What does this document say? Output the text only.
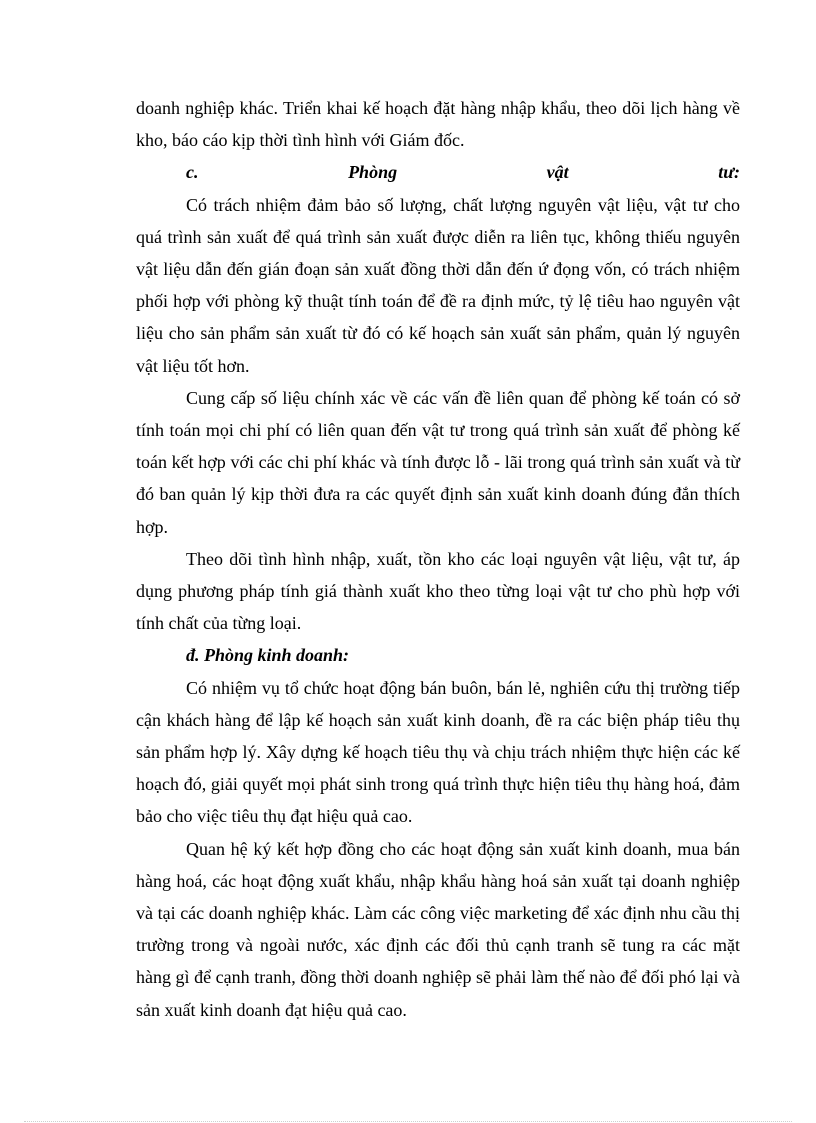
doanh nghiệp khác. Triển khai kế hoạch đặt hàng nhập khẩu, theo dõi lịch hàng về kho, báo cáo kịp thời tình hình với Giám đốc.

c.	Phòng	vật	tư:

Có trách nhiệm đảm bảo số lượng, chất lượng nguyên vật liệu, vật tư cho quá trình sản xuất để quá trình sản xuất được diễn ra liên tục, không thiếu nguyên vật liệu dẫn đến gián đoạn sản xuất đồng thời dẫn đến ứ đọng vốn, có trách nhiệm phối hợp với phòng kỹ thuật tính toán để đề ra định mức, tỷ lệ tiêu hao nguyên vật liệu cho sản phẩm sản xuất từ đó có kế hoạch sản xuất sản phẩm, quản lý nguyên vật liệu tốt hơn.

Cung cấp số liệu chính xác về các vấn đề liên quan để phòng kế toán có sở tính toán mọi chi phí có liên quan đến vật tư trong quá trình sản xuất để phòng kế toán kết hợp với các chi phí khác và tính được lỗ - lãi trong quá trình sản xuất và từ đó ban quản lý kịp thời đưa ra các quyết định sản xuất kinh doanh đúng đắn thích hợp.

Theo dõi tình hình nhập, xuất, tồn kho các loại nguyên vật liệu, vật tư, áp dụng phương pháp tính giá thành xuất kho theo từng loại vật tư cho phù hợp với tính chất của từng loại.

đ. Phòng kinh doanh:

Có nhiệm vụ tổ chức hoạt động bán buôn, bán lẻ, nghiên cứu thị trường tiếp cận khách hàng để lập kế hoạch sản xuất kinh doanh, đề ra các biện pháp tiêu thụ sản phẩm hợp lý. Xây dựng kế hoạch tiêu thụ và chịu trách nhiệm thực hiện các kế hoạch đó, giải quyết mọi phát sinh trong quá trình thực hiện tiêu thụ hàng hoá, đảm bảo cho việc tiêu thụ đạt hiệu quả cao.

Quan hệ ký kết hợp đồng cho các hoạt động sản xuất kinh doanh, mua bán hàng hoá, các hoạt động xuất khẩu, nhập khẩu hàng hoá sản xuất tại doanh nghiệp và tại các doanh nghiệp khác. Làm các công việc marketing để xác định nhu cầu thị trường trong và ngoài nước, xác định các đối thủ cạnh tranh sẽ tung ra các mặt hàng gì để cạnh tranh, đồng thời doanh nghiệp sẽ phải làm thế nào để đối phó lại và sản xuất kinh doanh đạt hiệu quả cao.
